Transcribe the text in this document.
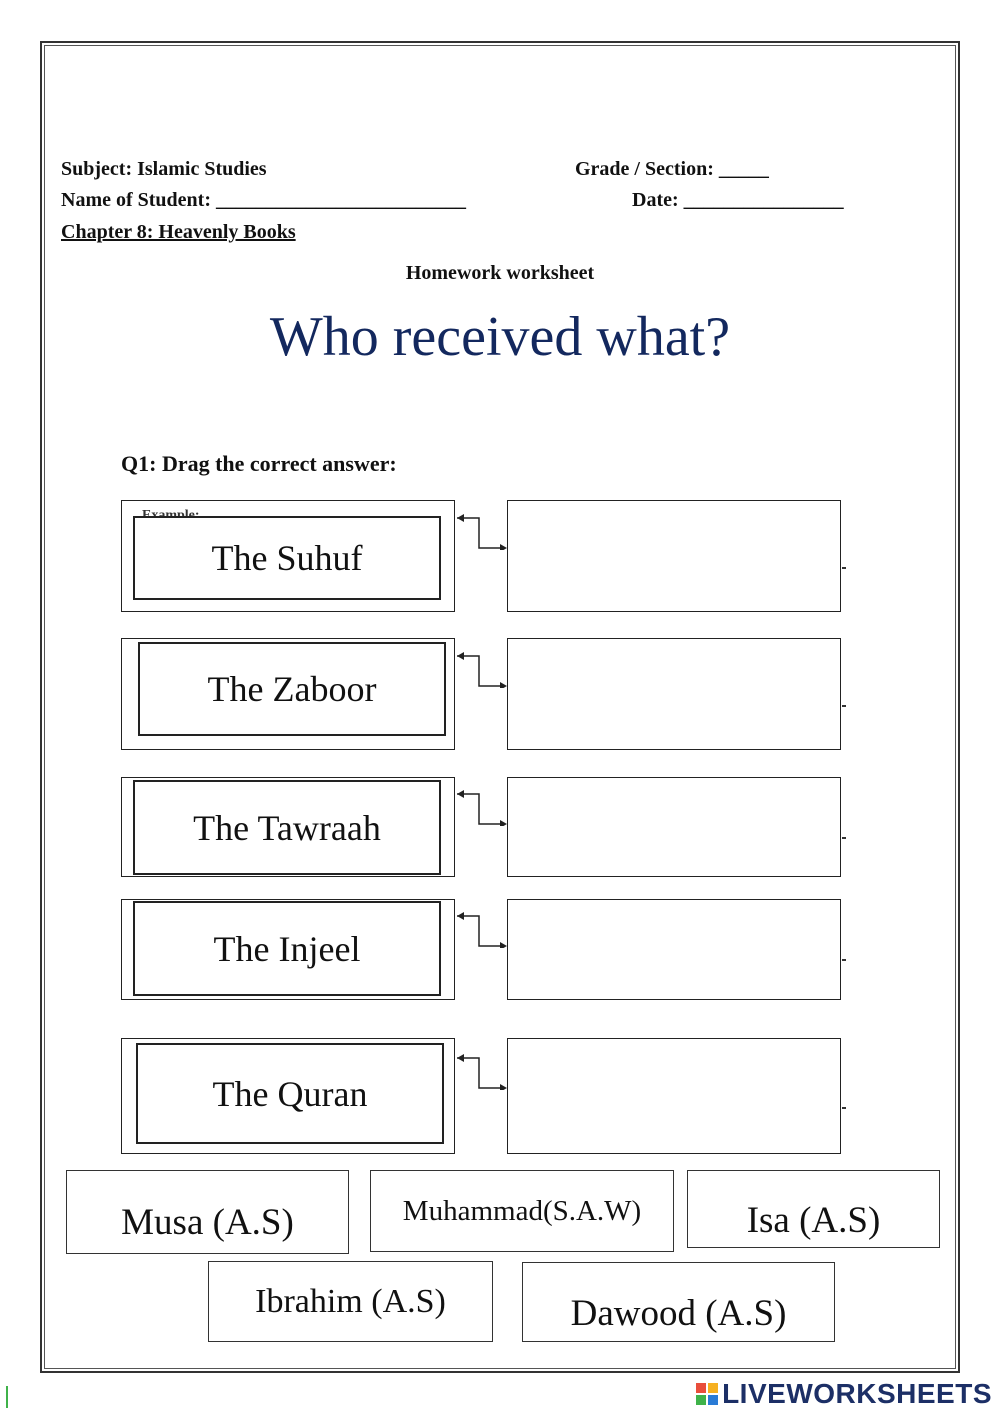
Subject: Islamic Studies	Grade / Section: _____
Name of Student: _________________________	Date: ________________
Chapter 8: Heavenly Books
Homework worksheet
Who received what?
Q1: Drag the correct answer:
The Suhuf
The Zaboor
The Tawraah
The Injeel
The Quran
Musa (A.S)	Muhammad(S.A.W)	Isa (A.S)
Ibrahim (A.S)	Dawood (A.S)
LIVEWORKSHEETS
